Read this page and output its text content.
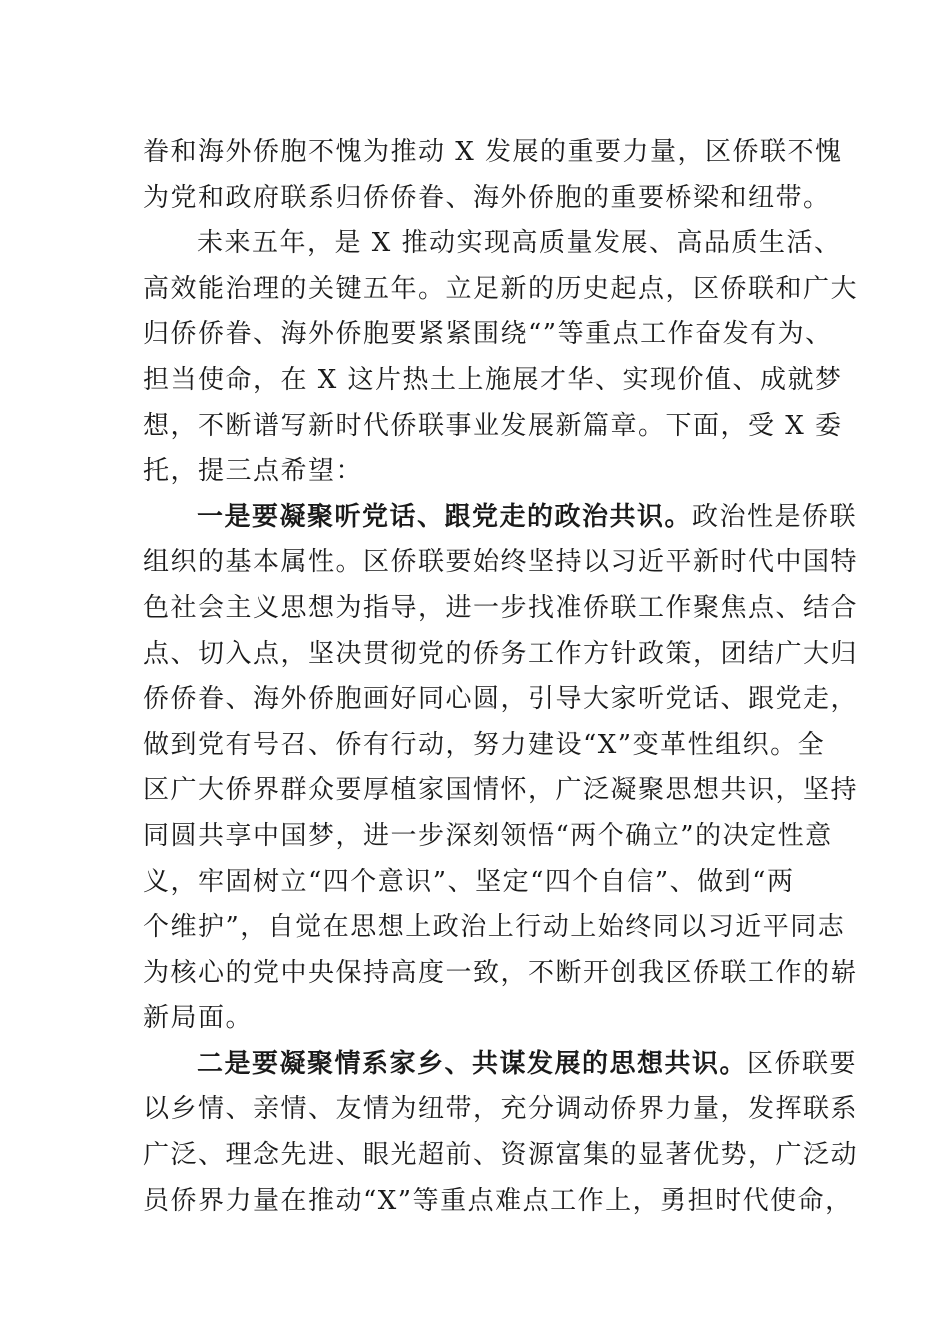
眷和海外侨胞不愧为推动 X 发展的重要力量，区侨联不愧
为党和政府联系归侨侨眷、海外侨胞的重要桥梁和纽带。
未来五年，是 X 推动实现高质量发展、高品质生活、
高效能治理的关键五年。立足新的历史起点，区侨联和广大
归侨侨眷、海外侨胞要紧紧围绕“”等重点工作奋发有为、
担当使命，在 X 这片热土上施展才华、实现价值、成就梦
想，不断谱写新时代侨联事业发展新篇章。下面，受 X 委
托，提三点希望：
一是要凝聚听党话、跟党走的政治共识。政治性是侨联
组织的基本属性。区侨联要始终坚持以习近平新时代中国特
色社会主义思想为指导，进一步找准侨联工作聚焦点、结合
点、切入点，坚决贯彻党的侨务工作方针政策，团结广大归
侨侨眷、海外侨胞画好同心圆，引导大家听党话、跟党走，
做到党有号召、侨有行动，努力建设“X”变革性组织。全
区广大侨界群众要厚植家国情怀，广泛凝聚思想共识，坚持
同圆共享中国梦，进一步深刻领悟“两个确立”的决定性意
义，牢固树立“四个意识”、坚定“四个自信”、做到“两
个维护”，自觉在思想上政治上行动上始终同以习近平同志
为核心的党中央保持高度一致，不断开创我区侨联工作的崭
新局面。
二是要凝聚情系家乡、共谋发展的思想共识。区侨联要
以乡情、亲情、友情为纽带，充分调动侨界力量，发挥联系
广泛、理念先进、眼光超前、资源富集的显著优势，广泛动
员侨界力量在推动“X”等重点难点工作上，勇担时代使命，
